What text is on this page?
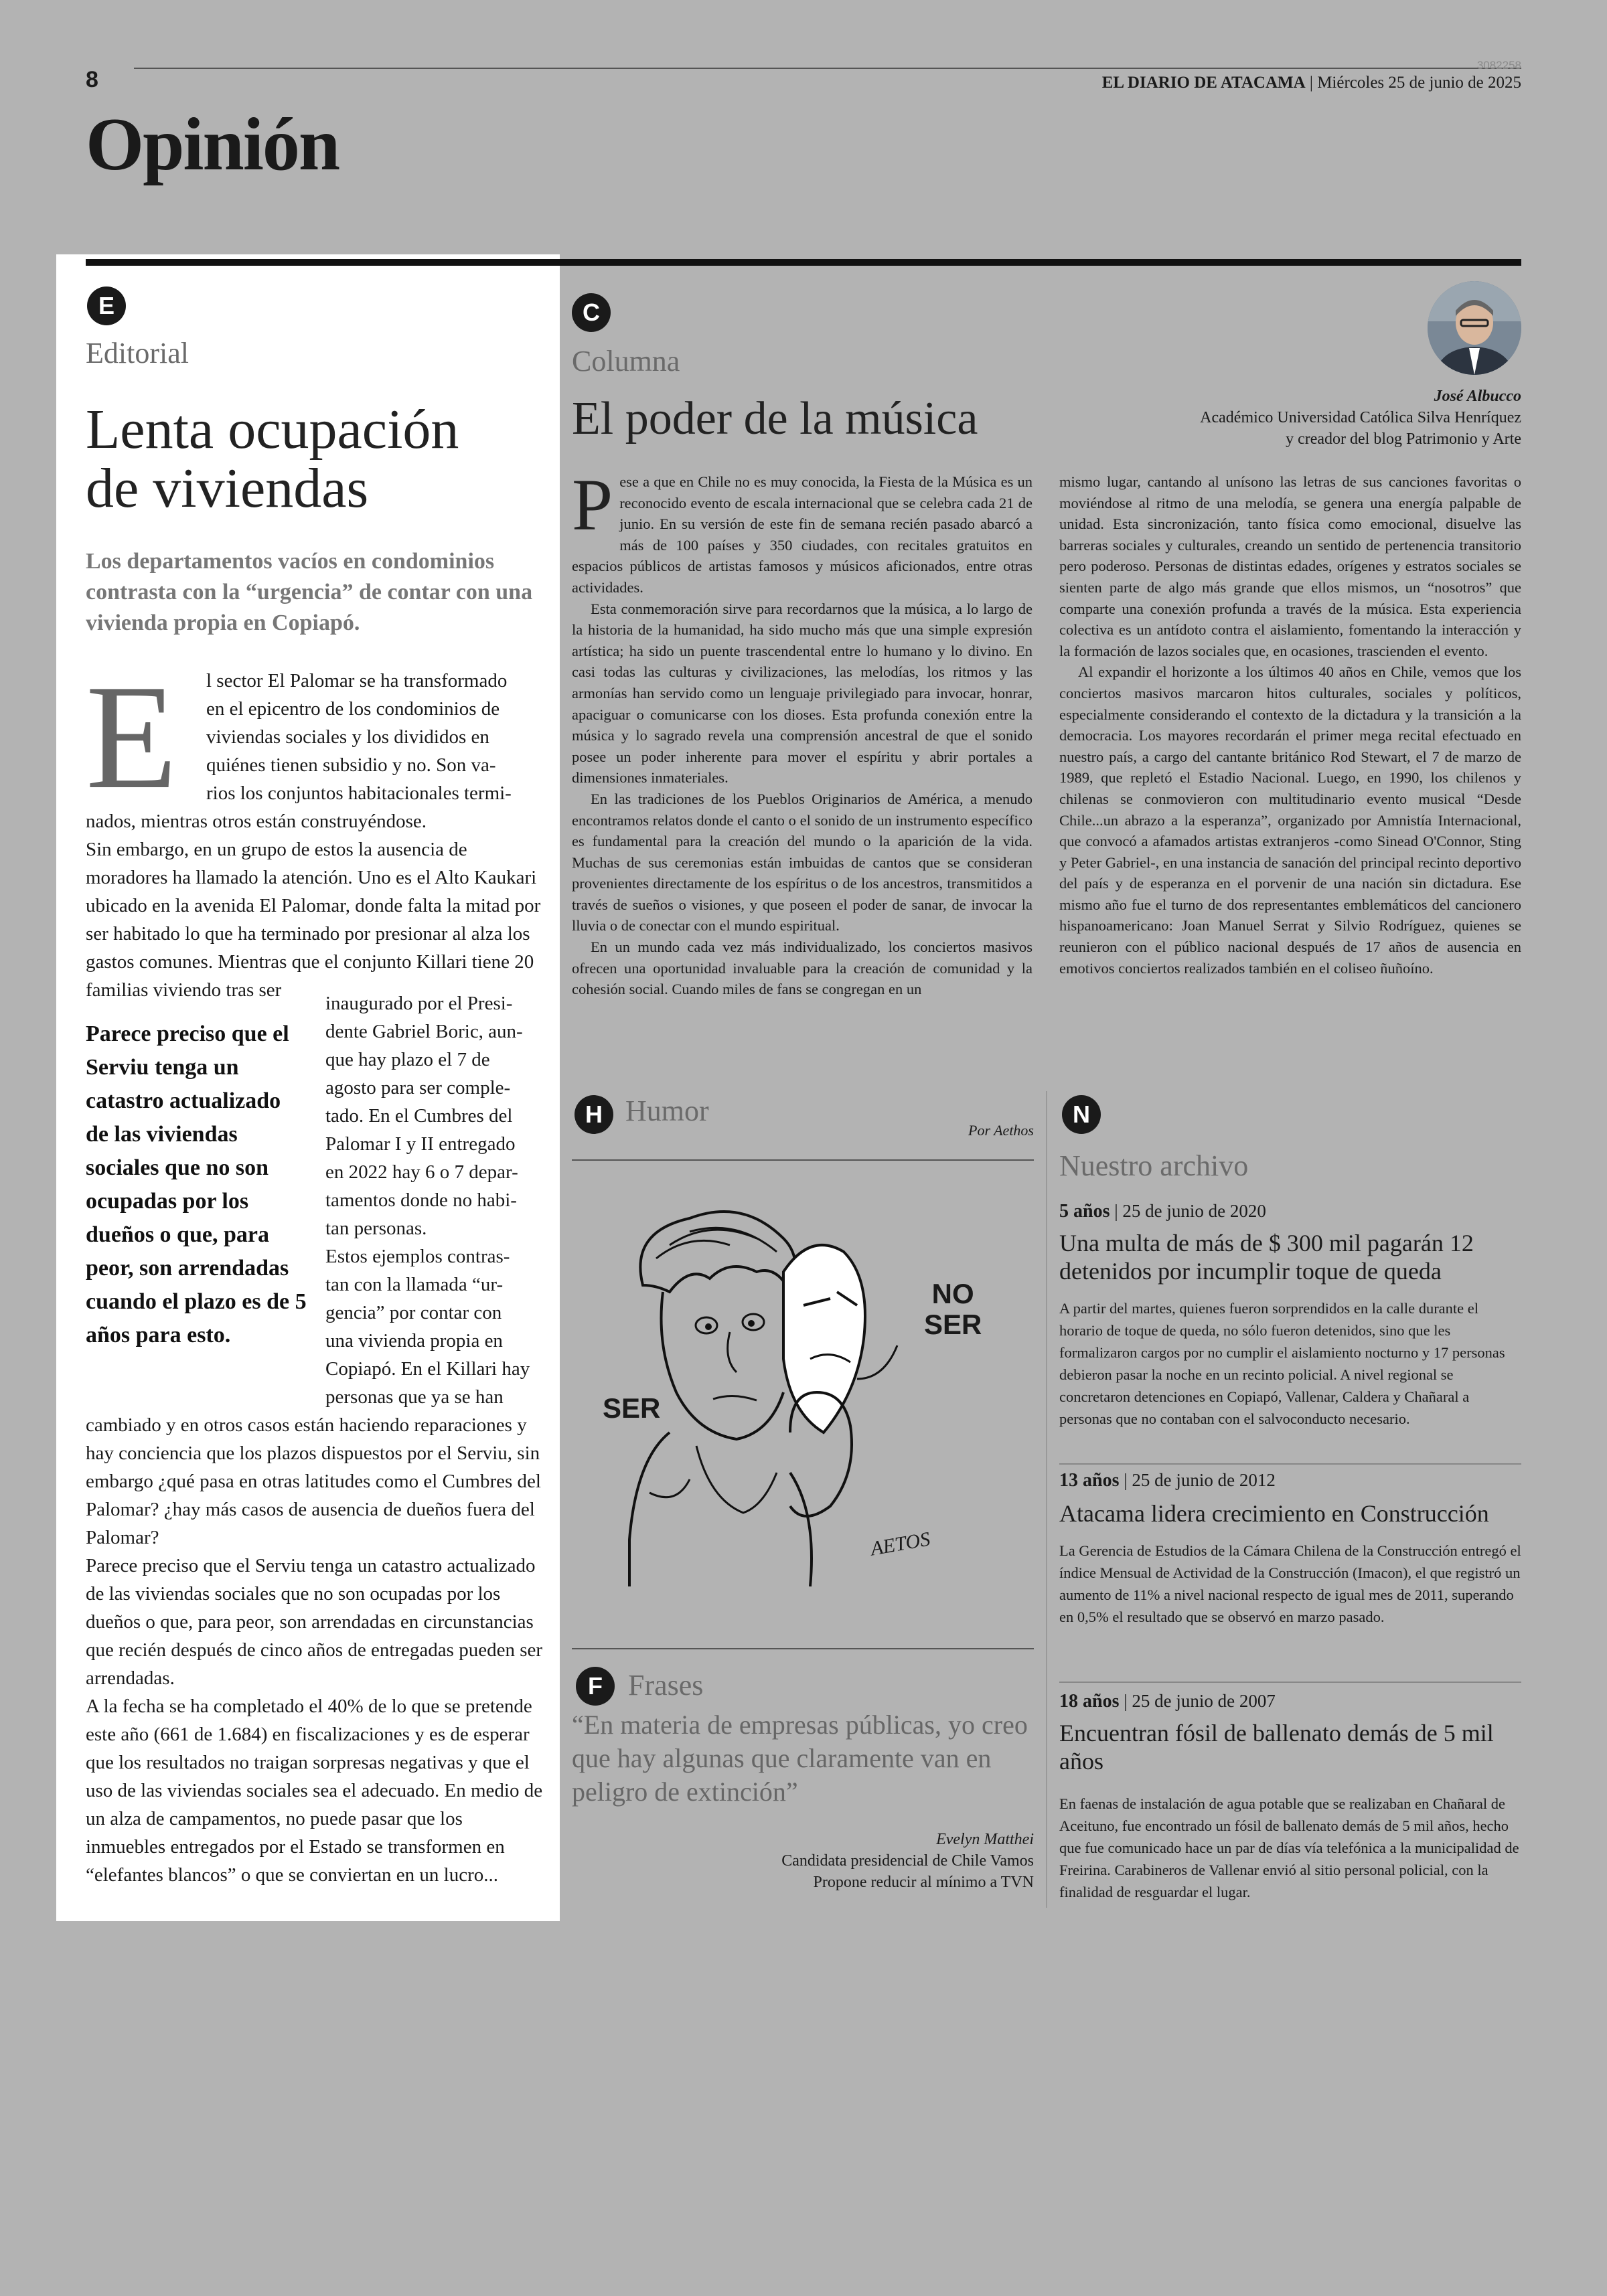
8
3082258
EL DIARIO DE ATACAMA | Miércoles 25 de junio de 2025
Opinión
E
Editorial
Lenta ocupación
de viviendas
Los departamentos vacíos en condominios contrasta con la “urgencia” de contar con una vivienda propia en Copiapó.
E l sector El Palomar se ha transformado
en el epicentro de los condominios de
viviendas sociales y los divididos en
quiénes tienen subsidio y no. Son va-
rios los conjuntos habitacionales termi-

nados, mientras otros están construyéndose.

Sin embargo, en un grupo de estos la ausencia de moradores ha llamado la atención. Uno es el Alto Kaukari ubicado en la avenida El Palomar, donde falta la mitad por ser habitado lo que ha terminado por presionar al alza los gastos comunes. Mientras que el conjunto Killari tiene 20 familias viviendo tras ser

Parece preciso que el Serviu tenga un catastro actualizado de las viviendas sociales que no son ocupadas por los dueños o que, para peor, son arrendadas cuando el plazo es de 5 años para esto.
inaugurado por el Presi-
dente Gabriel Boric, aun-
que hay plazo el 7 de
agosto para ser comple-
tado. En el Cumbres del
Palomar I y II entregado
en 2022 hay 6 o 7 depar-
tamentos donde no habi-
tan personas.
Estos ejemplos contras-
tan con la llamada “ur-
gencia” por contar con
una vivienda propia en
Copiapó. En el Killari hay
personas que ya se han

cambiado y en otros casos están haciendo reparaciones y hay conciencia que los plazos dispuestos por el Serviu, sin embargo ¿qué pasa en otras latitudes como el Cumbres del Palomar? ¿hay más casos de ausencia de dueños fuera del Palomar?

Parece preciso que el Serviu tenga un catastro actualizado de las viviendas sociales que no son ocupadas por los dueños o que, para peor, son arrendadas en circunstancias que recién después de cinco años de entregadas pueden ser arrendadas.

A la fecha se ha completado el 40% de lo que se pretende este año (661 de 1.684) en fiscalizaciones y es de esperar que los resultados no traigan sorpresas negativas y que el uso de las viviendas sociales sea el adecuado. En medio de un alza de campamentos, no puede pasar que los inmuebles entregados por el Estado se transformen en “elefantes blancos” o que se conviertan en un lucro...

C
Columna
El poder de la música	José Albucco
Académico Universidad Católica Silva Henríquez
y creador del blog Patrimonio y Arte
P ese a que en Chile no es muy conocida, la Fiesta de la Música es un reconocido evento de escala internacional que se celebra cada 21 de junio. En su versión de este fin de semana recién pasado abarcó a más de 100 países y 350 ciudades, con recitales gratuitos en espacios públicos de artistas famosos y músicos aficionados, entre otras actividades.

Esta conmemoración sirve para recordarnos que la música, a lo largo de la historia de la humanidad, ha sido mucho más que una simple expresión artística; ha sido un puente trascendental entre lo humano y lo divino. En casi todas las culturas y civilizaciones, las melodías, los ritmos y las armonías han servido como un lenguaje privilegiado para invocar, honrar, apaciguar o comunicarse con los dioses. Esta profunda conexión entre la música y lo sagrado revela una comprensión ancestral de que el sonido posee un poder inherente para mover el espíritu y abrir portales a dimensiones inmateriales.

En las tradiciones de los Pueblos Originarios de América, a menudo encontramos relatos donde el canto o el sonido de un instrumento específico es fundamental para la creación del mundo o la aparición de la vida. Muchas de sus ceremonias están imbuidas de cantos que se consideran provenientes directamente de los espíritus o de los ancestros, transmitidos a través de sueños o visiones, y que poseen el poder de sanar, de invocar la lluvia o de conectar con el mundo espiritual.

En un mundo cada vez más individualizado, los conciertos masivos ofrecen una oportunidad invaluable para la creación de comunidad y la cohesión social. Cuando miles de fans se congregan en un

mismo lugar, cantando al unísono las letras de sus canciones favoritas o moviéndose al ritmo de una melodía, se genera una energía palpable de unidad. Esta sincronización, tanto física como emocional, disuelve las barreras sociales y culturales, creando un sentido de pertenencia transitorio pero poderoso. Personas de distintas edades, orígenes y estratos sociales se sienten parte de algo más grande que ellos mismos, un “nosotros” que comparte una conexión profunda a través de la música. Esta experiencia colectiva es un antídoto contra el aislamiento, fomentando la interacción y la formación de lazos sociales que, en ocasiones, trascienden el evento.

Al expandir el horizonte a los últimos 40 años en Chile, vemos que los conciertos masivos marcaron hitos culturales, sociales y políticos, especialmente considerando el contexto de la dictadura y la transición a la democracia. Los mayores recordarán el primer mega recital efectuado en nuestro país, a cargo del cantante británico Rod Stewart, el 7 de marzo de 1989, que repletó el Estadio Nacional. Luego, en 1990, los chilenos y chilenas se conmovieron con multitudinario evento musical “Desde Chile...un abrazo a la esperanza”, organizado por Amnistía Internacional, que convocó a afamados artistas extranjeros -como Sinead O'Connor, Sting y Peter Gabriel-, en una instancia de sanación del principal recinto deportivo del país y de esperanza en el porvenir de una nación sin dictadura. Ese mismo año fue el turno de dos representantes emblemáticos del cancionero hispanoamericano: Joan Manuel Serrat y Silvio Rodríguez, quienes se reunieron con el público nacional después de 17 años de ausencia en emotivos conciertos realizados también en el coliseo ñuñoíno.

H Humor
Por Aethos
SER
NO
SER
AETOS
F Frases
“En materia de empresas públicas, yo creo que hay algunas que claramente van en peligro de extinción”
Evelyn Matthei
Candidata presidencial de Chile Vamos
Propone reducir al mínimo a TVN
N
Nuestro archivo
5 años | 25 de junio de 2020
Una multa de más de $ 300 mil pagarán 12 detenidos por incumplir toque de queda
A partir del martes, quienes fueron sorprendidos en la calle durante el horario de toque de queda, no sólo fueron detenidos, sino que les formalizaron cargos por no cumplir el aislamiento nocturno y 17 personas debieron pasar la noche en un recinto policial. A nivel regional se concretaron detenciones en Copiapó, Vallenar, Caldera y Chañaral a personas que no contaban con el salvoconducto necesario.
13 años | 25 de junio de 2012
Atacama lidera crecimiento en Construcción
La Gerencia de Estudios de la Cámara Chilena de la Construcción entregó el índice Mensual de Actividad de la Construcción (Imacon), el que registró un aumento de 11% a nivel nacional respecto de igual mes de 2011, superando en 0,5% el resultado que se observó en marzo pasado.
18 años | 25 de junio de 2007
Encuentran fósil de ballenato demás de 5 mil años
En faenas de instalación de agua potable que se realizaban en Chañaral de Aceituno, fue encontrado un fósil de ballenato demás de 5 mil años, hecho que fue comunicado hace un par de días vía telefónica a la municipalidad de Freirina. Carabineros de Vallenar envió al sitio personal policial, con la finalidad de resguardar el lugar.
